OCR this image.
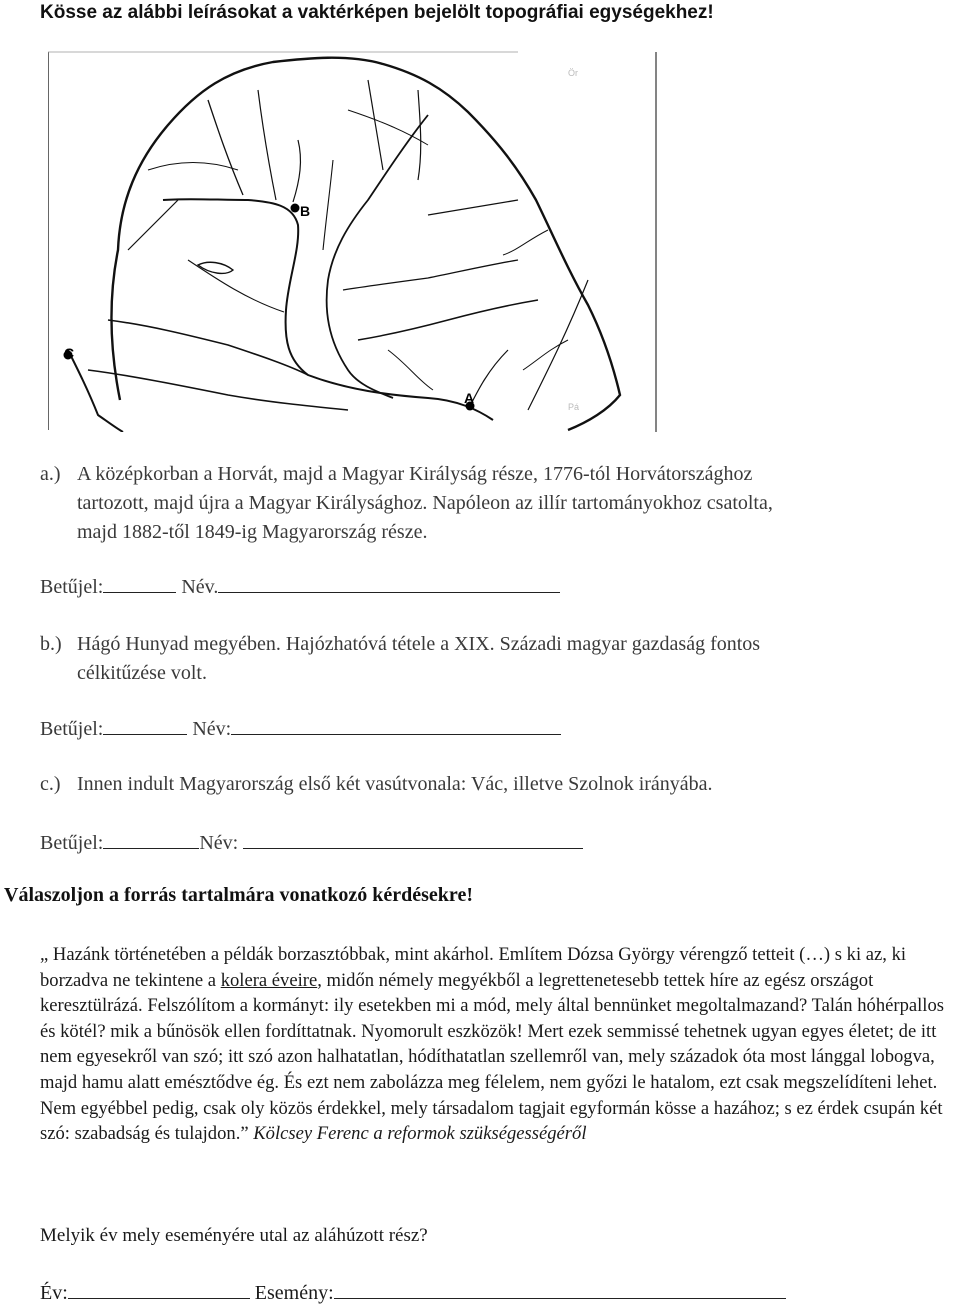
Kösse az alábbi leírásokat a vaktérképen bejelölt topográfiai egységekhez!
Ör
Pá
B
C
A
a.) A középkorban a Horvát, majd a Magyar Királyság része, 1776-tól Horvátországhoz
tartozott, majd újra a Magyar Királysághoz. Napóleon az illír tartományokhoz csatolta,
majd 1882-től 1849-ig Magyarország része.
Betűjel:	Név.
b.) Hágó Hunyad megyében. Hajózhatóvá tétele a XIX. Századi magyar gazdaság fontos
célkitűzése volt.
Betűjel:	Név:
c.) Innen indult Magyarország első két vasútvonala: Vác, illetve Szolnok irányába.
Betűjel:	Név:
Válaszoljon a forrás tartalmára vonatkozó kérdésekre!
„ Hazánk történetében a példák borzasztóbbak, mint akárhol. Említem Dózsa György vérengző tetteit (…) s ki az, ki borzadva ne tekintene a kolera éveire, midőn némely megyékből a legrettenetesebb tettek híre az egész országot keresztülrázá. Felszólítom a kormányt: ily esetekben mi a mód, mely által bennünket megoltalmazand? Talán hóhérpallos és kötél? mik a bűnösök ellen fordíttatnak. Nyomorult eszközök! Mert ezek semmissé tehetnek ugyan egyes életet; de itt nem egyesekről van szó; itt szó azon halhatatlan, hódíthatatlan szellemről van, mely századok óta most lánggal lobogva, majd hamu alatt emésztődve ég. És ezt nem zabolázza meg félelem, nem győzi le hatalom, ezt csak megszelídíteni lehet. Nem egyébbel pedig, csak oly közös érdekkel, mely társadalom tagjait egyformán kösse a hazához; s ez érdek csupán két szó: szabadság és tulajdon.” Kölcsey Ferenc a reformok szükségességéről
Melyik év mely eseményére utal az aláhúzott rész?
Év:	Esemény:
